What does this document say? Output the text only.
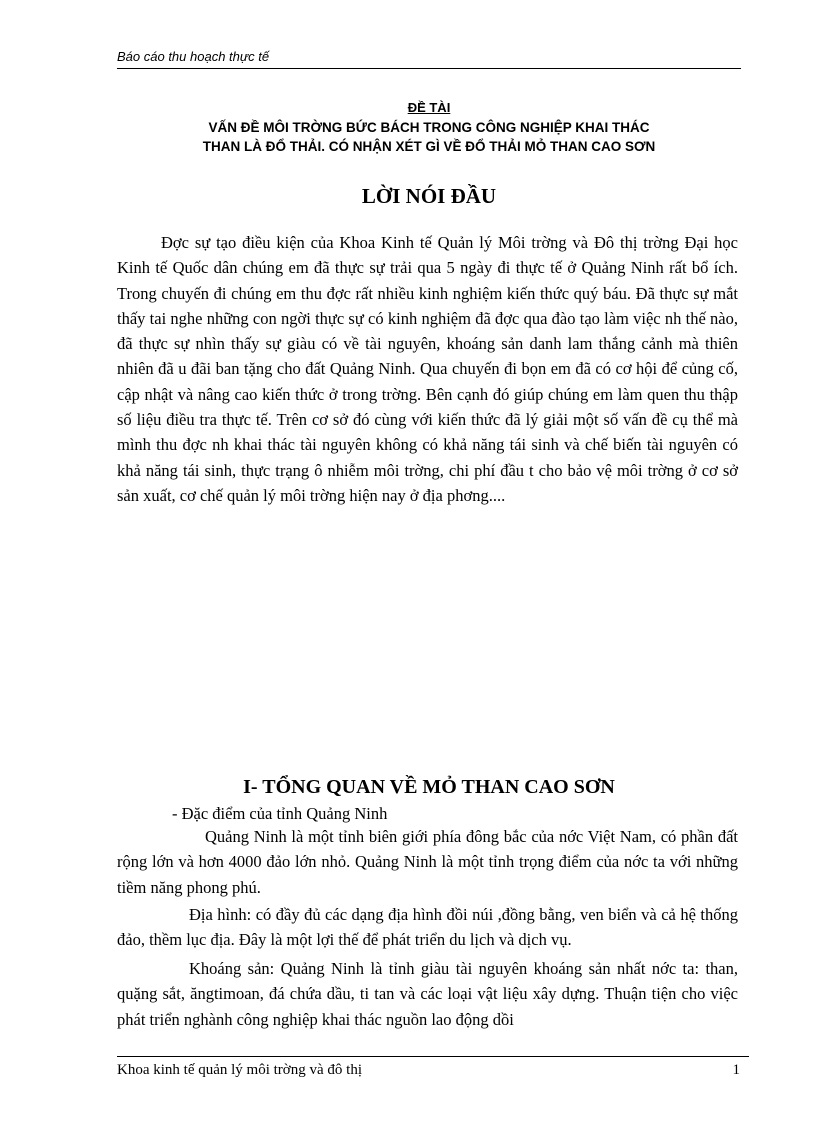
Báo cáo thu hoạch thực tế
ĐỀ TÀI
VẤN ĐỀ MÔI TRỜNG BỨC BÁCH TRONG CÔNG NGHIỆP KHAI THÁC
THAN LÀ ĐỔ THẢI. CÓ NHẬN XÉT GÌ VỀ ĐỔ THẢI MỎ THAN CAO SƠN
LỜI NÓI ĐẦU

Đợc sự tạo điều kiện của Khoa Kinh tế Quản lý Môi trờng và Đô thị trờng Đại học Kinh tế Quốc dân chúng em đã thực sự trải qua 5 ngày đi thực tế ở Quảng Ninh rất bổ ích. Trong chuyến đi chúng em thu đợc rất nhiều kinh nghiệm kiến thức quý báu. Đã thực sự mắt thấy tai nghe những con ngời thực sự có kinh nghiệm đã đợc qua đào tạo làm việc nh thế nào, đã thực sự nhìn thấy sự giàu có về tài nguyên, khoáng sản danh lam thắng cảnh mà thiên nhiên đã u đãi ban tặng cho đất Quảng Ninh. Qua chuyến đi bọn em đã có cơ hội để củng cố, cập nhật và nâng cao kiến thức ở trong trờng. Bên cạnh đó giúp chúng em làm quen thu thập số liệu điều tra thực tế. Trên cơ sở đó cùng với kiến thức đã lý giải một số vấn đề cụ thể mà mình thu đợc nh khai thác tài nguyên không có khả năng tái sinh và chế biến tài nguyên có khả năng tái sinh, thực trạng ô nhiễm môi trờng, chi phí đầu t cho bảo vệ môi trờng ở cơ sở sản xuất, cơ chế quản lý môi trờng hiện nay ở địa phơng....

I- TỔNG QUAN VỀ MỎ THAN CAO SƠN
- Đặc điểm của tỉnh Quảng Ninh

Quảng Ninh là một tỉnh biên giới phía đông bắc của nớc Việt Nam, có phần đất rộng lớn và hơn 4000 đảo lớn nhỏ. Quảng Ninh là một tỉnh trọng điểm của nớc ta với những tiềm năng phong phú.

Địa hình: có đầy đủ các dạng địa hình đồi núi ,đồng bằng, ven biển và cả hệ thống đảo, thềm lục địa. Đây là một lợi thế để phát triển du lịch và dịch vụ.

Khoáng sản: Quảng Ninh là tỉnh giàu tài nguyên khoáng sản nhất nớc ta: than, quặng sắt, ăngtimoan, đá chứa dầu, ti tan và các loại vật liệu xây dựng. Thuận tiện cho việc phát triển nghành công nghiệp khai thác nguồn lao động dồi

Khoa kinh tế quản lý môi trờng và đô thị	1
